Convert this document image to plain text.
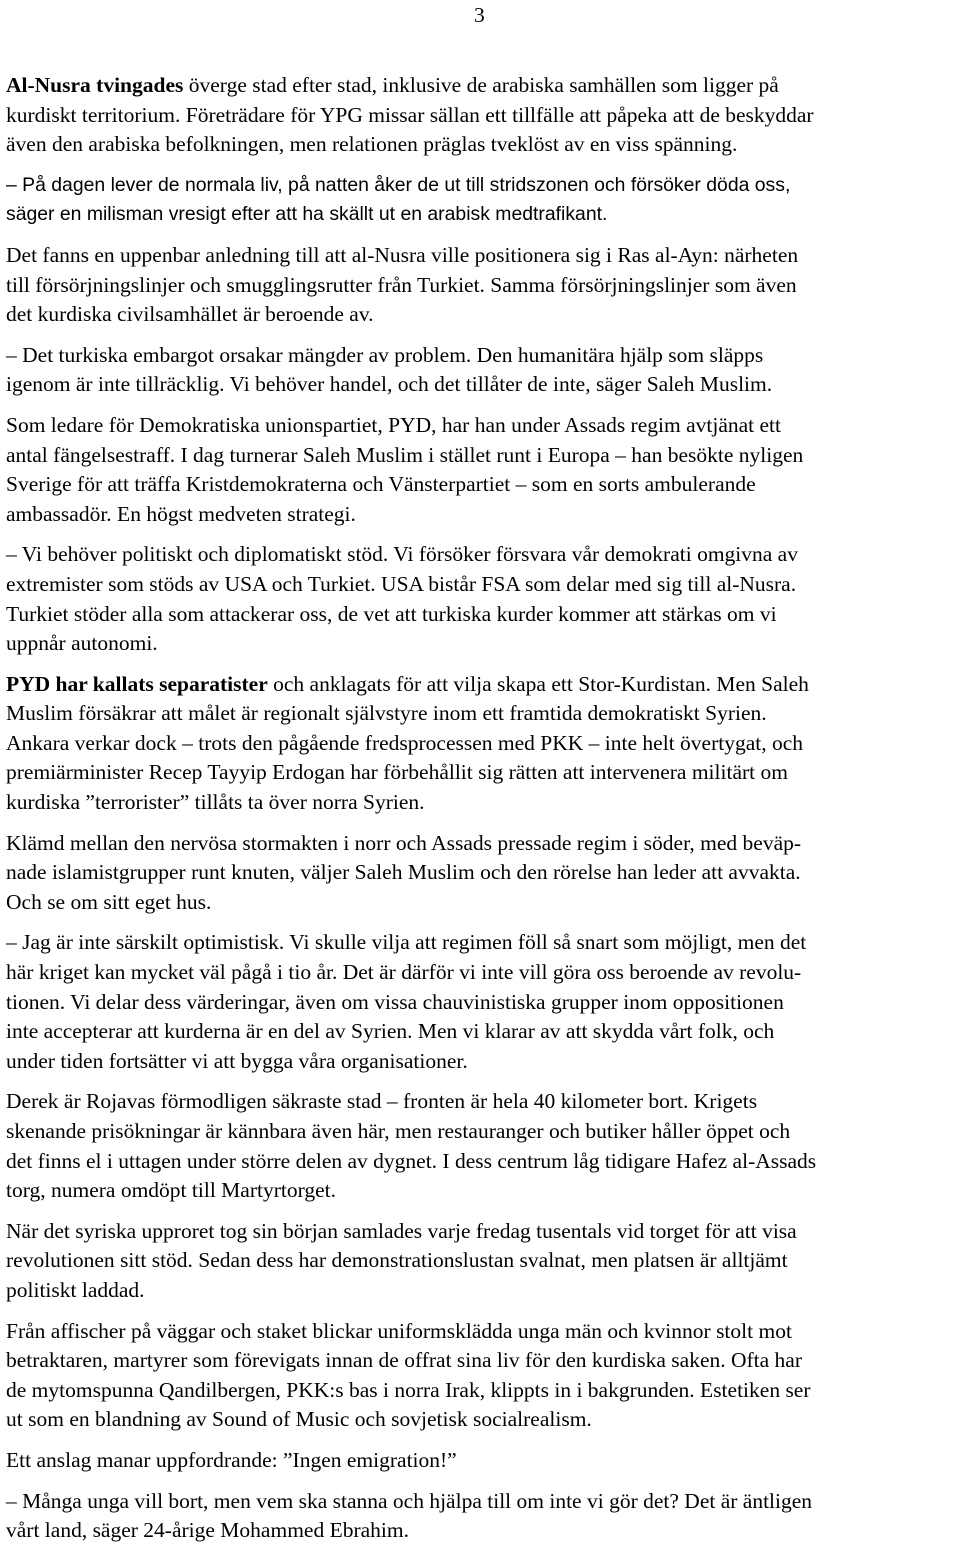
3

Al-Nusra tvingades överge stad efter stad, inklusive de arabiska samhällen som ligger på
kurdiskt territorium. Företrädare för YPG missar sällan ett tillfälle att påpeka att de beskyddar
även den arabiska befolkningen, men relationen präglas tveklöst av en viss spänning.

– På dagen lever de normala liv, på natten åker de ut till stridszonen och försöker döda oss,
säger en milisman vresigt efter att ha skällt ut en arabisk medtrafikant.

Det fanns en uppenbar anledning till att al-Nusra ville positionera sig i Ras al-Ayn: närheten
till försörjningslinjer och smugglingsrutter från Turkiet. Samma försörjningslinjer som även
det kurdiska civilsamhället är beroende av.

– Det turkiska embargot orsakar mängder av problem. Den humanitära hjälp som släpps
igenom är inte tillräcklig. Vi behöver handel, och det tillåter de inte, säger Saleh Muslim.

Som ledare för Demokratiska unionspartiet, PYD, har han under Assads regim avtjänat ett
antal fängelsestraff. I dag turnerar Saleh Muslim i stället runt i Europa – han besökte nyligen
Sverige för att träffa Kristdemokraterna och Vänsterpartiet – som en sorts ambulerande
ambassadör. En högst medveten strategi.

– Vi behöver politiskt och diplomatiskt stöd. Vi försöker försvara vår demokrati omgivna av
extremister som stöds av USA och Turkiet. USA bistår FSA som delar med sig till al-Nusra.
Turkiet stöder alla som attackerar oss, de vet att turkiska kurder kommer att stärkas om vi
uppnår autonomi.

PYD har kallats separatister och anklagats för att vilja skapa ett Stor-Kurdistan. Men Saleh
Muslim försäkrar att målet är regionalt självstyre inom ett framtida demokratiskt Syrien.
Ankara verkar dock – trots den pågående fredsprocessen med PKK – inte helt övertygat, och
premiärminister Recep Tayyip Erdogan har förbehållit sig rätten att intervenera militärt om
kurdiska ”terrorister” tillåts ta över norra Syrien.

Klämd mellan den nervösa stormakten i norr och Assads pressade regim i söder, med beväp-
nade islamistgrupper runt knuten, väljer Saleh Muslim och den rörelse han leder att avvakta.
Och se om sitt eget hus.

– Jag är inte särskilt optimistisk. Vi skulle vilja att regimen föll så snart som möjligt, men det
här kriget kan mycket väl pågå i tio år. Det är därför vi inte vill göra oss beroende av revolu-
tionen. Vi delar dess värderingar, även om vissa chauvinistiska grupper inom oppositionen
inte accepterar att kurderna är en del av Syrien. Men vi klarar av att skydda vårt folk, och
under tiden fortsätter vi att bygga våra organisationer.

Derek är Rojavas förmodligen säkraste stad – fronten är hela 40 kilometer bort. Krigets
skenande prisökningar är kännbara även här, men restauranger och butiker håller öppet och
det finns el i uttagen under större delen av dygnet. I dess centrum låg tidigare Hafez al-Assads
torg, numera omdöpt till Martyrtorget.

När det syriska upproret tog sin början samlades varje fredag tusentals vid torget för att visa
revolutionen sitt stöd. Sedan dess har demonstrationslustan svalnat, men platsen är alltjämt
politiskt laddad.

Från affischer på väggar och staket blickar uniformsklädda unga män och kvinnor stolt mot
betraktaren, martyrer som förevigats innan de offrat sina liv för den kurdiska saken. Ofta har
de mytomspunna Qandilbergen, PKK:s bas i norra Irak, klippts in i bakgrunden. Estetiken ser
ut som en blandning av Sound of Music och sovjetisk socialrealism.

Ett anslag manar uppfordrande: ”Ingen emigration!”

– Många unga vill bort, men vem ska stanna och hjälpa till om inte vi gör det? Det är äntligen
vårt land, säger 24-årige Mohammed Ebrahim.
